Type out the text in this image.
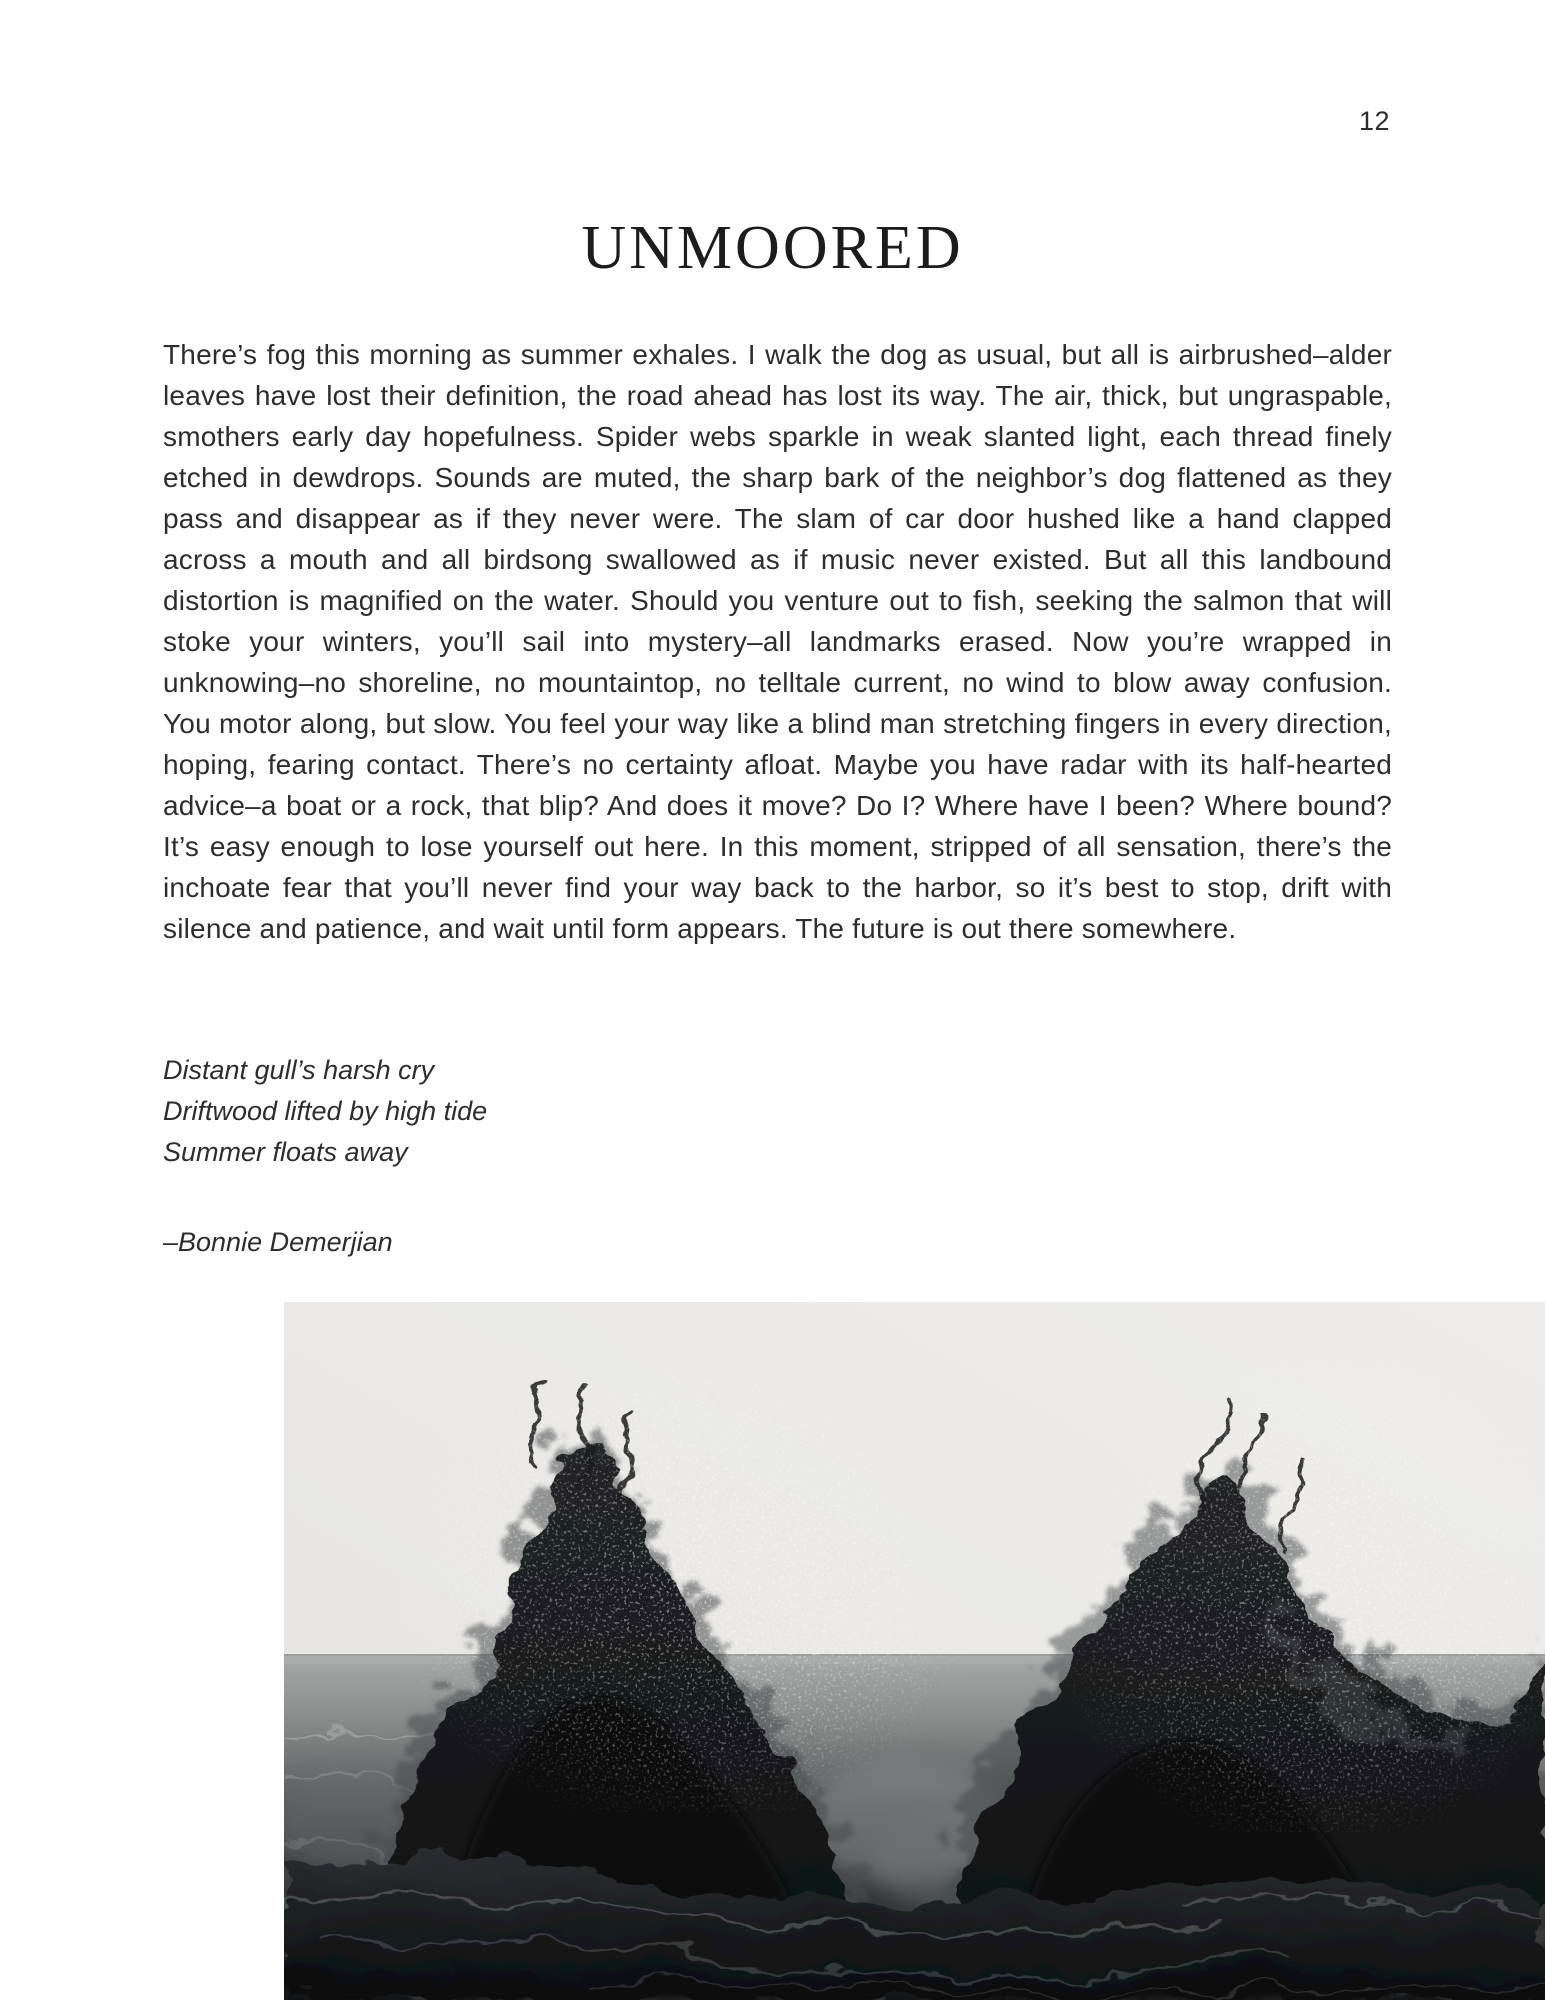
12
UNMOORED

There’s fog this morning as summer exhales. I walk the dog as usual, but all is airbrushed–alder leaves have lost their definition, the road ahead has lost its way. The air, thick, but ungraspable, smothers early day hopefulness. Spider webs sparkle in weak slanted light, each thread finely etched in dewdrops. Sounds are muted, the sharp bark of the neighbor’s dog flattened as they pass and disappear as if they never were. The slam of car door hushed like a hand clapped across a mouth and all birdsong swallowed as if music never existed. But all this landbound distortion is magnified on the water. Should you venture out to fish, seeking the salmon that will stoke your winters, you’ll sail into mystery–all landmarks erased. Now you’re wrapped in unknowing–no shoreline, no mountaintop, no telltale current, no wind to blow away confusion. You motor along, but slow. You feel your way like a blind man stretching fingers in every direction, hoping, fearing contact. There’s no certainty afloat. Maybe you have radar with its half-hearted advice–a boat or a rock, that blip? And does it move? Do I? Where have I been? Where bound? It’s easy enough to lose yourself out here. In this moment, stripped of all sensation, there’s the inchoate fear that you’ll never find your way back to the harbor, so it’s best to stop, drift with silence and patience, and wait until form appears. The future is out there somewhere.

Distant gull’s harsh cry
Driftwood lifted by high tide
Summer floats away
–Bonnie Demerjian
